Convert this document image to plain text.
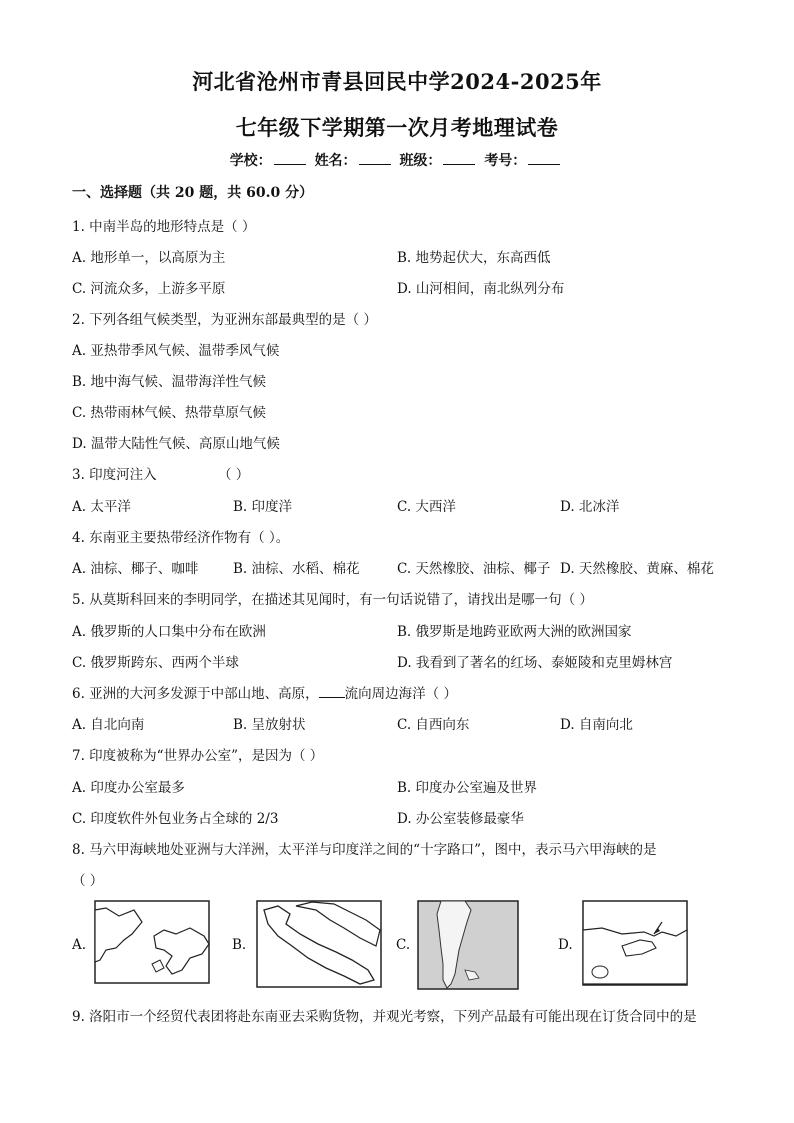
河北省沧州市青县回民中学2024-2025年
七年级下学期第一次月考地理试卷
学校：	姓名：	班级：	考号：
一、选择题（共 20 题，共 60.0 分）
1. 中南半岛的地形特点是（ ）
A. 地形单一，以高原为主	B. 地势起伏大，东高西低
C. 河流众多，上游多平原	D. 山河相间，南北纵列分布
2. 下列各组气候类型，为亚洲东部最典型的是（ ）
A. 亚热带季风气候、温带季风气候
B. 地中海气候、温带海洋性气候
C. 热带雨林气候、热带草原气候
D. 温带大陆性气候、高原山地气候
3. 印度河注入	（ ）
A. 太平洋	B. 印度洋	C. 大西洋	D. 北冰洋
4. 东南亚主要热带经济作物有（ ）。
A. 油棕、椰子、咖啡	B. 油棕、水稻、棉花	C. 天然橡胶、油棕、椰子 D. 天然橡胶、黄麻、棉花
5. 从莫斯科回来的李明同学，在描述其见闻时，有一句话说错了，请找出是哪一句（ ）
A. 俄罗斯的人口集中分布在欧洲	B. 俄罗斯是地跨亚欧两大洲的欧洲国家
C. 俄罗斯跨东、西两个半球	D. 我看到了著名的红场、泰姬陵和克里姆林宫
6. 亚洲的大河多发源于中部山地、高原， 流向周边海洋（ ）
A. 自北向南	B. 呈放射状	C. 自西向东	D. 自南向北
7. 印度被称为“世界办公室”，是因为（ ）
A. 印度办公室最多	B. 印度办公室遍及世界
C. 印度软件外包业务占全球的 2/3	D. 办公室装修最豪华
8. 马六甲海峡地处亚洲与大洋洲，太平洋与印度洋之间的“十字路口”，图中，表示马六甲海峡的是
（ ）
A.	B.	C.	D.
9. 洛阳市一个经贸代表团将赴东南亚去采购货物，并观光考察，下列产品最有可能出现在订货合同中的是
